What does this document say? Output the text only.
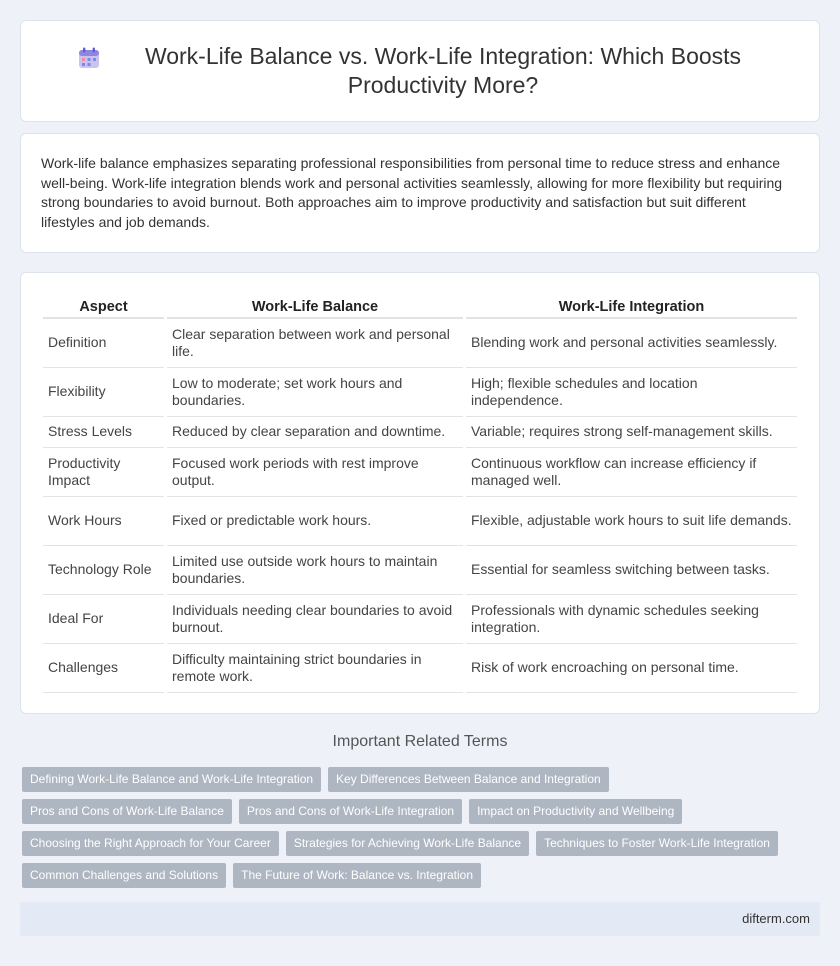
Work-Life Balance vs. Work-Life Integration: Which Boosts Productivity More?

Work-life balance emphasizes separating professional responsibilities from personal time to reduce stress and enhance well-being. Work-life integration blends work and personal activities seamlessly, allowing for more flexibility but requiring strong boundaries to avoid burnout. Both approaches aim to improve productivity and satisfaction but suit different lifestyles and job demands.

Aspect	Work-Life Balance	Work-Life Integration
Definition	Clear separation between work and personal life.	Blending work and personal activities seamlessly.
Flexibility	Low to moderate; set work hours and boundaries.	High; flexible schedules and location independence.
Stress Levels	Reduced by clear separation and downtime.	Variable; requires strong self-management skills.
Productivity Impact	Focused work periods with rest improve output.	Continuous workflow can increase efficiency if managed well.
Work Hours	Fixed or predictable work hours.	Flexible, adjustable work hours to suit life demands.
Technology Role	Limited use outside work hours to maintain boundaries.	Essential for seamless switching between tasks.
Ideal For	Individuals needing clear boundaries to avoid burnout.	Professionals with dynamic schedules seeking integration.
Challenges	Difficulty maintaining strict boundaries in remote work.	Risk of work encroaching on personal time.
Important Related Terms
Defining Work-Life Balance and Work-Life Integration	Key Differences Between Balance and Integration
Pros and Cons of Work-Life Balance	Pros and Cons of Work-Life Integration	Impact on Productivity and Wellbeing
Choosing the Right Approach for Your Career	Strategies for Achieving Work-Life Balance	Techniques to Foster Work-Life Integration
Common Challenges and Solutions	The Future of Work: Balance vs. Integration
difterm.com
